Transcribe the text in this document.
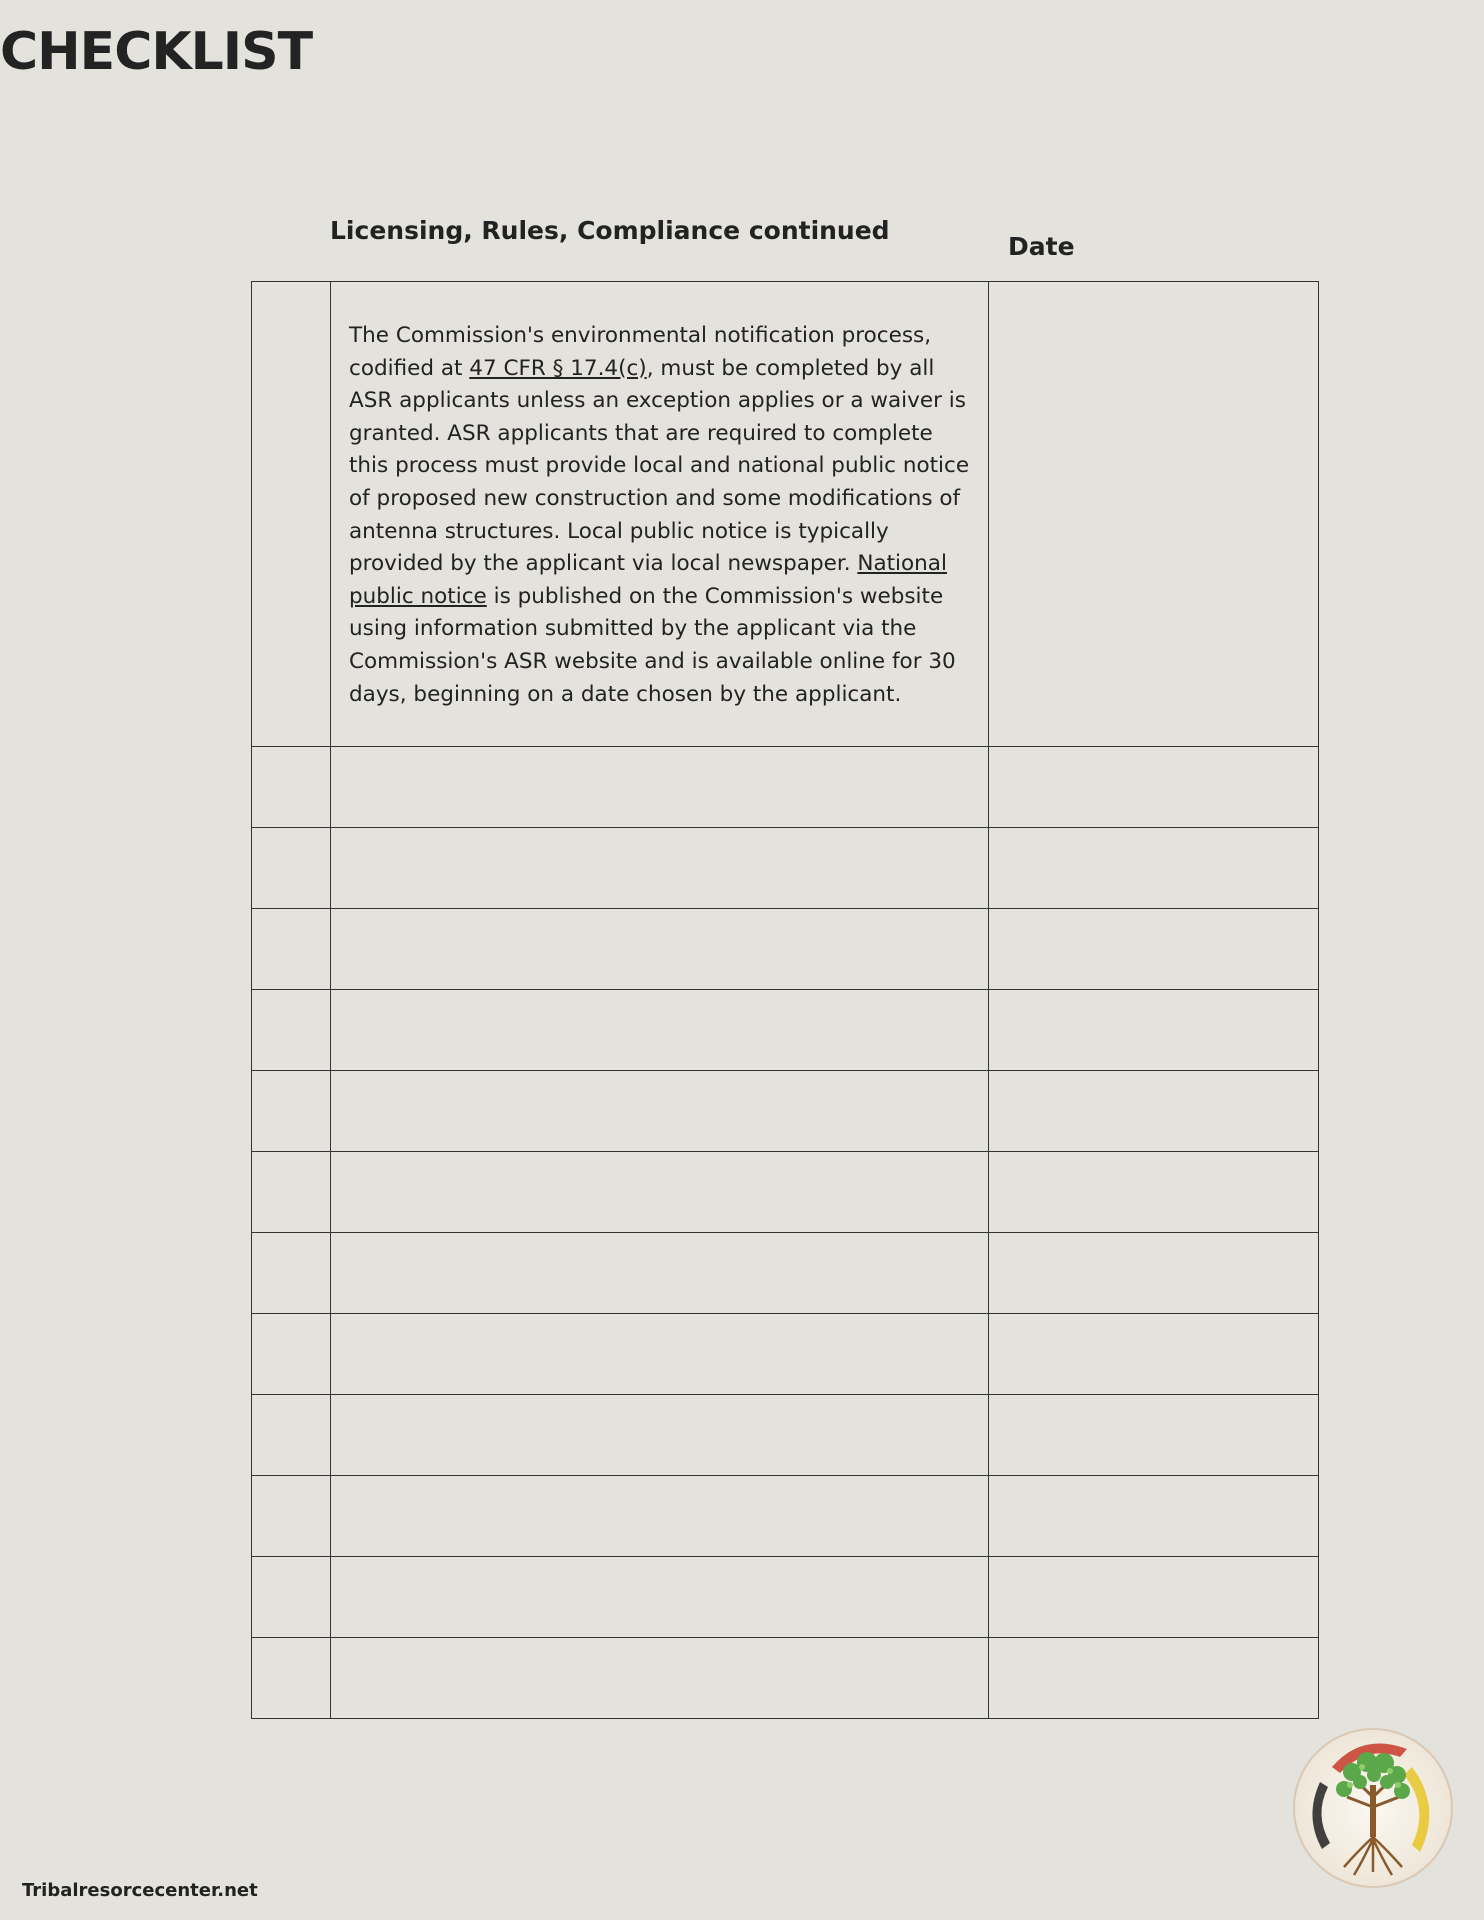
CHECKLIST
Licensing, Rules, Compliance continued
Date

	The Commission's environmental notification process, codified at 47 CFR § 17.4(c), must be completed by all ASR applicants unless an exception applies or a waiver is granted. ASR applicants that are required to complete this process must provide local and national public notice of proposed new construction and some modifications of antenna structures. Local public notice is typically provided by the applicant via local newspaper. National public notice is published on the Commission's website using information submitted by the applicant via the Commission's ASR website and is available online for 30 days, beginning on a date chosen by the applicant.	

Tribalresorcecenter.net
